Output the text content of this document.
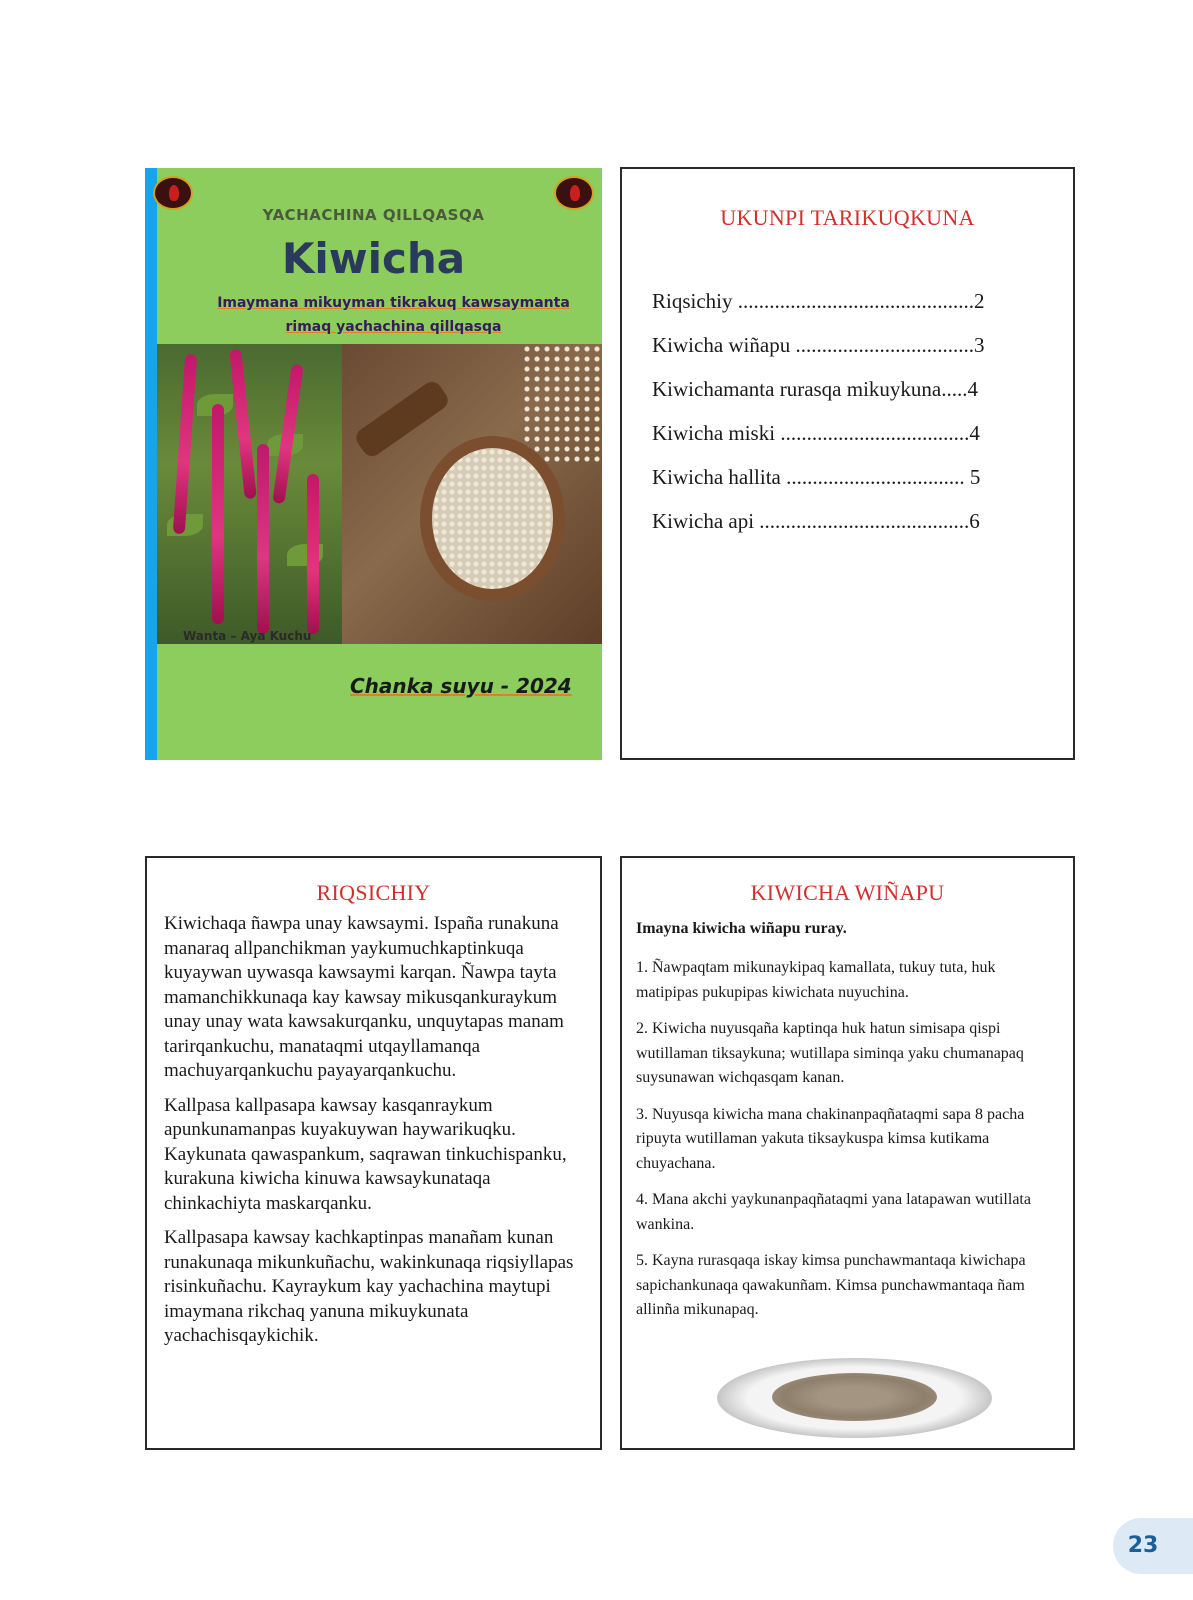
YACHACHINA QILLQASQA
Kiwicha
Imaymana mikuyman tikrakuq kawsaymanta
rimaq yachachina qillqasqa
Wanta – Aya Kuchu
Chanka suyu - 2024
UKUNPI TARIKUQKUNA
Riqsichiy .............................................2
Kiwicha wiñapu ..................................3
Kiwichamanta rurasqa mikuykuna.....4
Kiwicha miski ....................................4
Kiwicha hallita .................................. 5
Kiwicha api ........................................6
RIQSICHIY

Kiwichaqa ñawpa unay kawsaymi. Ispaña runakuna manaraq allpanchikman yaykumuchkaptinkuqa kuyaywan uywasqa kawsaymi karqan. Ñawpa tayta mamanchikkunaqa kay kawsay mikusqankuraykum unay unay wata kawsakurqanku, unquytapas manam tarirqankuchu, manataqmi utqayllamanqa machuyarqankuchu payayarqankuchu.

Kallpasa kallpasapa kawsay kasqanraykum apunkunamanpas kuyakuywan haywarikuqku. Kaykunata qawaspankum, saqrawan tinkuchispanku, kurakuna kiwicha kinuwa kawsaykunataqa chinkachiyta maskarqanku.

Kallpasapa kawsay kachkaptinpas manañam kunan runakunaqa mikunkuñachu, wakinkunaqa riqsiyllapas risinkuñachu. Kayraykum kay yachachina maytupi imaymana rikchaq yanuna mikuykunata yachachisqaykichik.

KIWICHA WIÑAPU
Imayna kiwicha wiñapu ruray.
1. Ñawpaqtam mikunaykipaq kamallata, tukuy tuta, huk matipipas pukupipas kiwichata nuyuchina.
2. Kiwicha nuyusqaña kaptinqa huk hatun simisapa qispi wutillaman tiksaykuna; wutillapa siminqa yaku chumanapaq suysunawan wichqasqam kanan.
3. Nuyusqa kiwicha mana chakinanpaqñataqmi sapa 8 pacha ripuyta wutillaman yakuta tiksaykuspa kimsa kutikama chuyachana.
4. Mana akchi yaykunanpaqñataqmi yana latapawan wutillata wankina.
5. Kayna rurasqaqa iskay kimsa punchawmantaqa kiwichapa sapichankunaqa qawakunñam. Kimsa punchawmantaqa ñam allinña mikunapaq.
23
